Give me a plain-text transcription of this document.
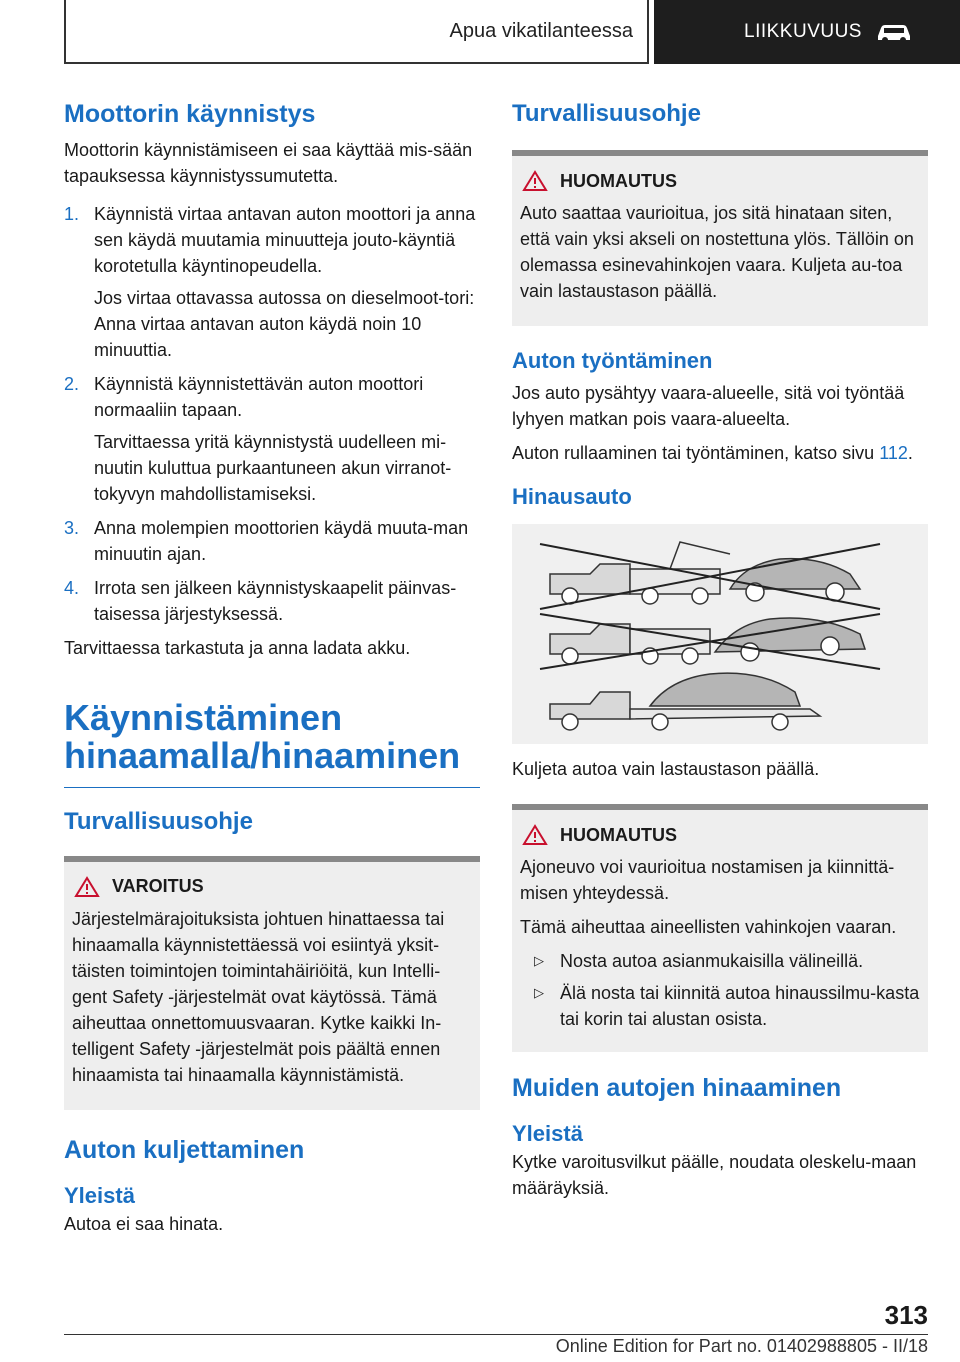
Apua vikatilanteessa	LIIKKUVUUS
Moottorin käynnistys

Moottorin käynnistämiseen ei saa käyttää mis-sään tapauksessa käynnistyssumutetta.

1. Käynnistä virtaa antavan auton moottori ja anna sen käydä muutamia minuutteja jouto-käyntiä korotetulla käyntinopeudella.

Jos virtaa ottavassa autossa on dieselmoot-tori: Anna virtaa antavan auton käydä noin 10 minuuttia.

2. Käynnistä käynnistettävän auton moottori normaaliin tapaan.

Tarvittaessa yritä käynnistystä uudelleen mi-nuutin kuluttua purkaantuneen akun virranot-tokyvyn mahdollistamiseksi.

3. Anna molempien moottorien käydä muuta-man minuutin ajan.
4. Irrota sen jälkeen käynnistyskaapelit päinvas-taisessa järjestyksessä.

Tarvittaessa tarkastuta ja anna ladata akku.

Käynnistäminen
hinaamalla/hinaaminen
Turvallisuusohje
VAROITUS

Järjestelmärajoituksista johtuen hinattaessa tai hinaamalla käynnistettäessä voi esiintyä yksit-täisten toimintojen toimintahäiriöitä, kun Intelli-gent Safety -järjestelmät ovat käytössä. Tämä aiheuttaa onnettomuusvaaran. Kytke kaikki In-telligent Safety -järjestelmät pois päältä ennen hinaamista tai hinaamalla käynnistämistä.

Auton kuljettaminen
Yleistä

Autoa ei saa hinata.

Turvallisuusohje
HUOMAUTUS

Auto saattaa vaurioitua, jos sitä hinataan siten, että vain yksi akseli on nostettuna ylös. Tällöin on olemassa esinevahinkojen vaara. Kuljeta au-toa vain lastaustason päällä.

Auton työntäminen

Jos auto pysähtyy vaara-alueelle, sitä voi työntää lyhyen matkan pois vaara-alueelta.

Auton rullaaminen tai työntäminen, katso sivu 112.

Hinausauto

Kuljeta autoa vain lastaustason päällä.

HUOMAUTUS

Ajoneuvo voi vaurioitua nostamisen ja kiinnittä-misen yhteydessä.

Tämä aiheuttaa aineellisten vahinkojen vaaran.

▷ Nosta autoa asianmukaisilla välineillä.
▷ Älä nosta tai kiinnitä autoa hinaussilmu-kasta tai korin tai alustan osista.
Muiden autojen hinaaminen
Yleistä

Kytke varoitusvilkut päälle, noudata oleskelu-maan määräyksiä.

313
Online Edition for Part no. 01402988805 - II/18
